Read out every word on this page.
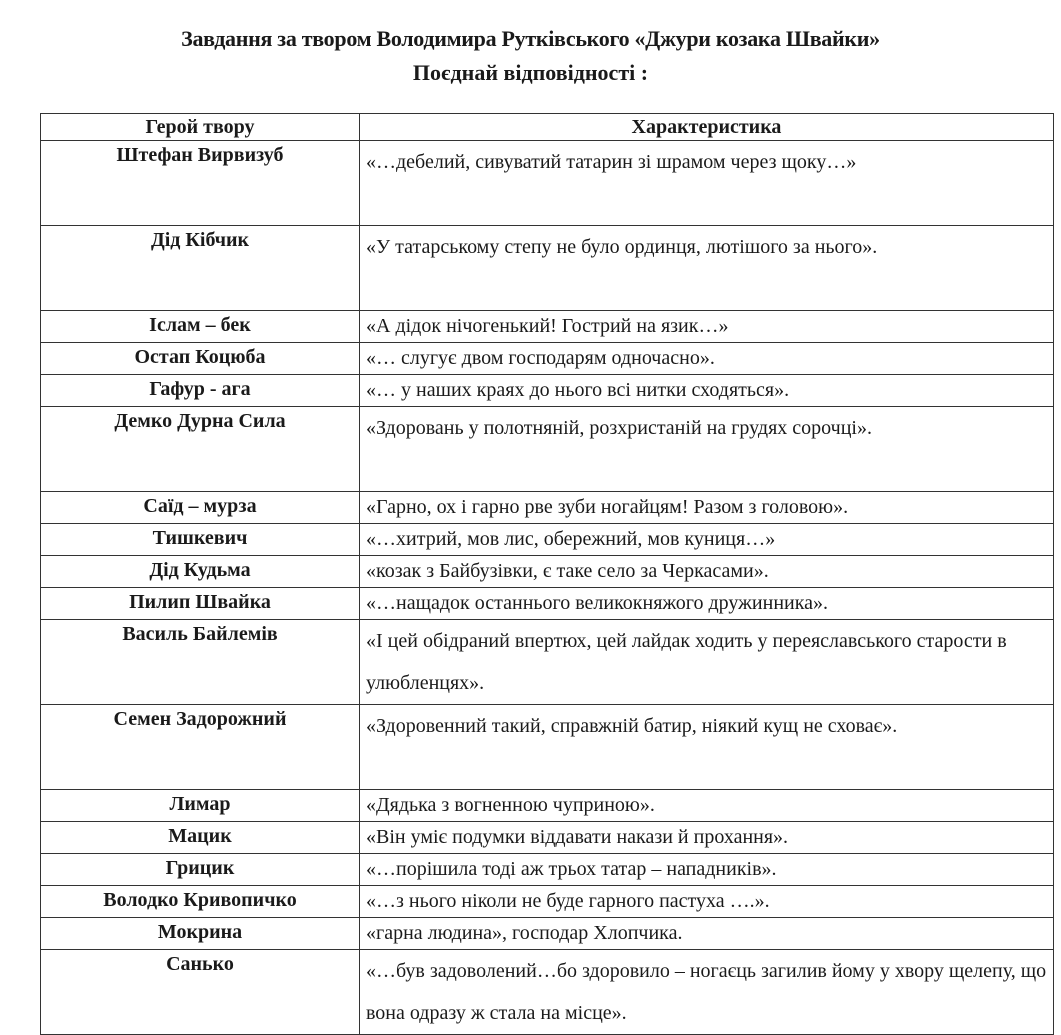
Завдання за твором Володимира Рутківського «Джури козака Швайки»
Поєднай відповідності :
Герой твору	Характеристика
Штефан Вирвизуб	«…дебелий, сивуватий татарин зі шрамом через щоку…»
Дід Кібчик	«У татарському степу не було ординця, лютішого за нього».
Іслам – бек	«А дідок нічогенький! Гострий на язик…»
Остап Коцюба	«… слугує двом господарям одночасно».
Гафур - ага	«… у наших краях до нього всі нитки сходяться».
Демко Дурна Сила	«Здоровань у полотняній, розхристаній на грудях сорочці».
Саїд – мурза	«Гарно, ох і гарно рве зуби ногайцям! Разом з головою».
Тишкевич	«…хитрий, мов лис, обережний, мов куниця…»
Дід Кудьма	«козак з Байбузівки, є таке село за Черкасами».
Пилип Швайка	«…нащадок останнього великокняжого дружинника».
Василь Байлемів	«І цей обідраний впертюх, цей лайдак ходить у переяславського старости в улюбленцях».
Семен Задорожний	«Здоровенний такий, справжній батир, ніякий кущ не сховає».
Лимар	«Дядька з вогненною чуприною».
Мацик	«Він уміє подумки віддавати накази й прохання».
Грицик	«…порішила тоді аж трьох татар – нападників».
Володко Кривопичко	«…з нього ніколи не буде гарного пастуха ….».
Мокрина	«гарна людина», господар Хлопчика.
Санько	«…був задоволений…бо здоровило – ногаєць загилив йому у хвору щелепу, що вона одразу ж стала на місце».
